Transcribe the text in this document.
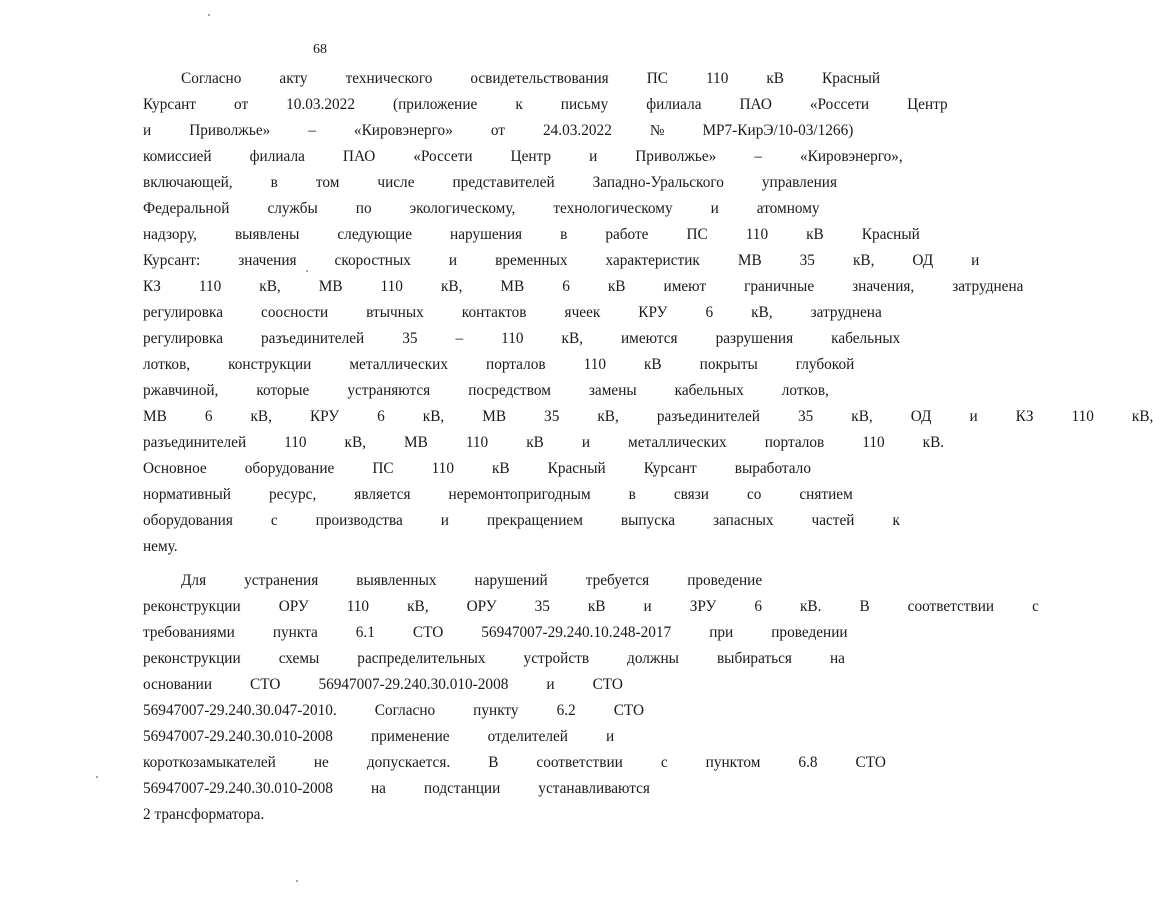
68
Согласно	акту	технического	освидетельствования	ПС	110	кВ	Красный
Курсант	от	10.03.2022	(приложение	к	письму	филиала	ПАО	«Россети	Центр
и	Приволжье»	–	«Кировэнерго»	от	24.03.2022	№	МР7-КирЭ/10-03/1266)
комиссией	филиала	ПАО	«Россети	Центр	и	Приволжье»	–	«Кировэнерго»,
включающей,	в	том	числе	представителей	Западно-Уральского	управления
Федеральной	службы	по	экологическому,	технологическому	и	атомному
надзору,	выявлены	следующие	нарушения	в	работе	ПС	110	кВ	Красный
Курсант:	значения	скоростных	и	временных	характеристик	МВ	35	кВ,	ОД	и
КЗ	110	кВ,	МВ	110	кВ,	МВ	6	кВ	имеют	граничные	значения,	затруднена
регулировка	соосности	втычных	контактов	ячеек	КРУ	6	кВ,	затруднена
регулировка	разъединителей	35	–	110	кВ,	имеются	разрушения	кабельных
лотков,	конструкции	металлических	порталов	110	кВ	покрыты	глубокой
ржавчиной,	которые	устраняются	посредством	замены	кабельных	лотков,
МВ	6	кВ,	КРУ	6	кВ,	МВ	35	кВ,	разъединителей	35	кВ,	ОД	и	КЗ	110	кВ,
разъединителей	110	кВ,	МВ	110	кВ	и	металлических	порталов	110	кВ.
Основное	оборудование	ПС	110	кВ	Красный	Курсант	выработало
нормативный	ресурс,	является	неремонтопригодным	в	связи	со	снятием
оборудования	с	производства	и	прекращением	выпуска	запасных	частей	к
нему.
Для	устранения	выявленных	нарушений	требуется	проведение
реконструкции	ОРУ	110	кВ,	ОРУ	35	кВ	и	ЗРУ	6	кВ.	В	соответствии	с
требованиями	пункта	6.1	СТО	56947007-29.240.10.248-2017	при	проведении
реконструкции	схемы	распределительных	устройств	должны	выбираться	на
основании	СТО	56947007-29.240.30.010-2008	и	СТО
56947007-29.240.30.047-2010.	Согласно	пункту	6.2	СТО
56947007-29.240.30.010-2008	применение	отделителей	и
короткозамыкателей	не	допускается.	В	соответствии	с	пунктом	6.8	СТО
56947007-29.240.30.010-2008	на	подстанции	устанавливаются
2 трансформатора.
